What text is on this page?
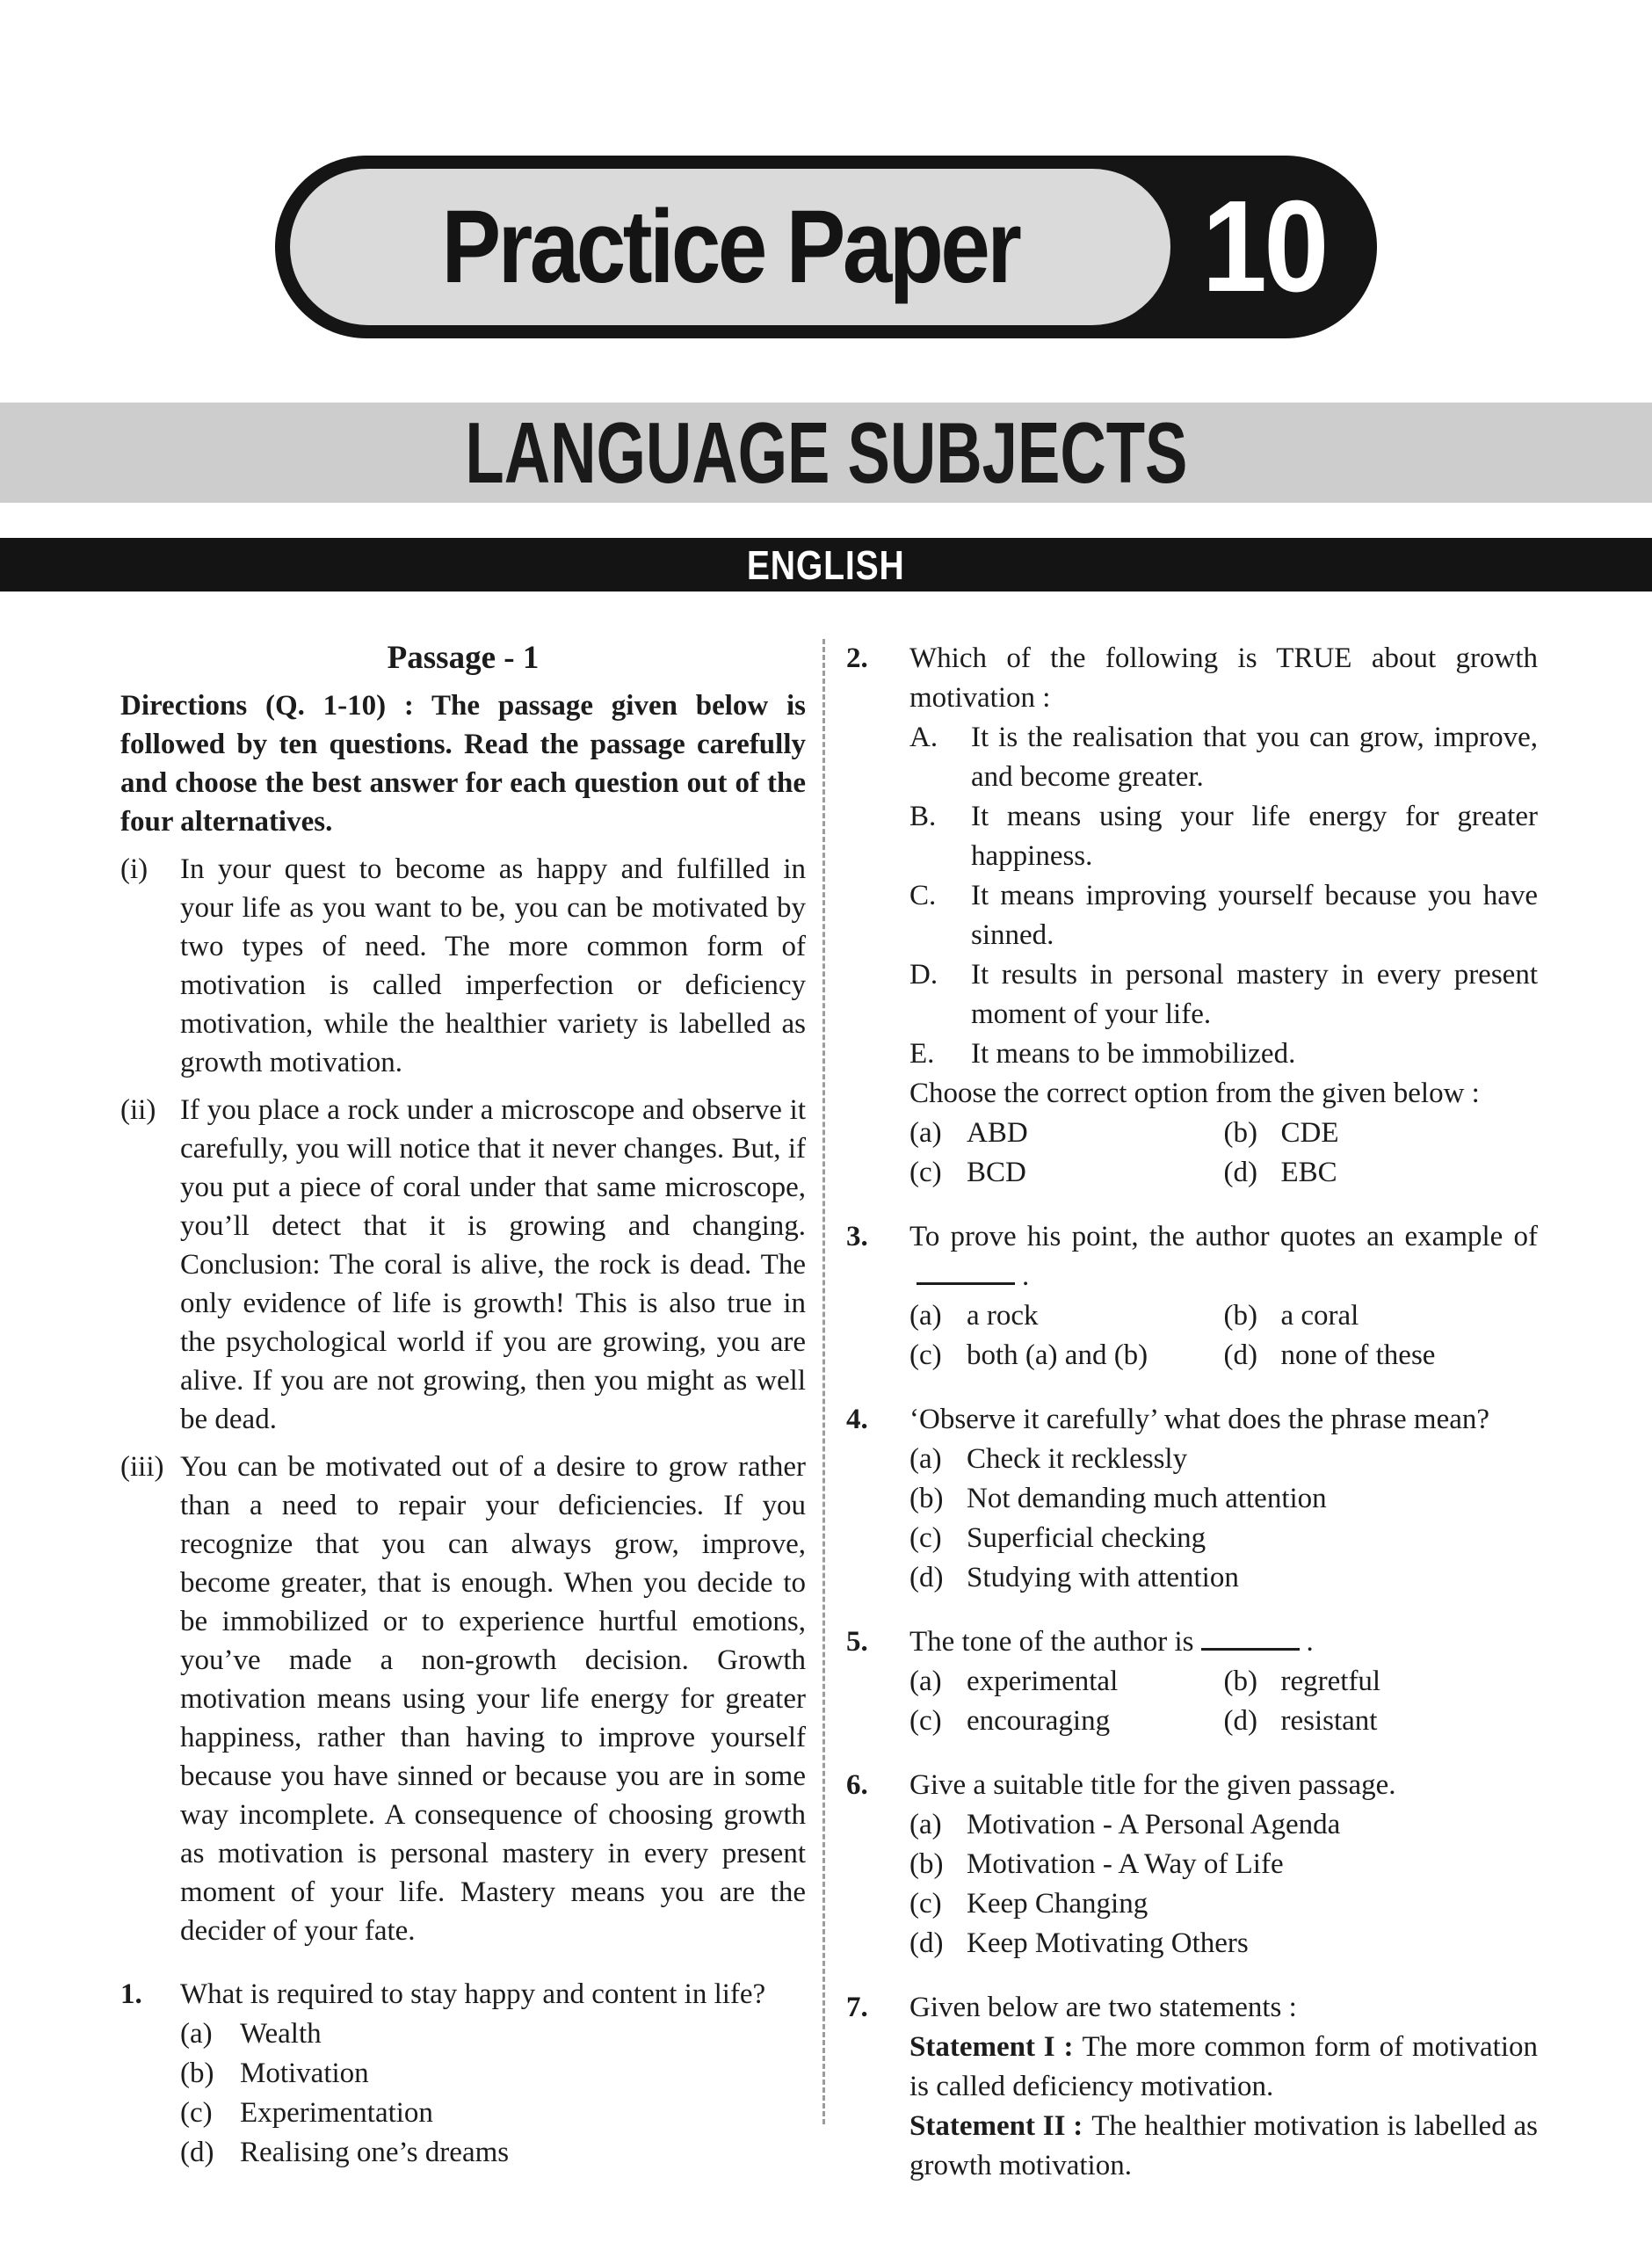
Practice Paper 10
LANGUAGE SUBJECTS
ENGLISH
Passage - 1

Directions (Q. 1-10) : The passage given below is followed by ten questions. Read the passage carefully and choose the best answer for each question out of the four alternatives.

(i)	In your quest to become as happy and fulfilled in your life as you want to be, you can be motivated by two types of need. The more common form of motivation is called imperfection or deficiency motivation, while the healthier variety is labelled as growth motivation.
(ii) If you place a rock under a microscope and observe it carefully, you will notice that it never changes. But, if you put a piece of coral under that same microscope, you’ll detect that it is growing and changing. Conclusion: The coral is alive, the rock is dead. The only evidence of life is growth! This is also true in the psychological world if you are growing, you are alive. If you are not growing, then you might as well be dead.
(iii) You can be motivated out of a desire to grow rather than a need to repair your deficiencies. If you recognize that you can always grow, improve, become greater, that is enough. When you decide to be immobilized or to experience hurtful emotions, you’ve made a non-growth decision. Growth motivation means using your life energy for greater happiness, rather than having to improve yourself because you have sinned or because you are in some way incomplete. A consequence of choosing growth as motivation is personal mastery in every present moment of your life. Mastery means you are the decider of your fate.
1.	What is required to stay happy and content in life?

(a) Wealth
(b) Motivation
(c) Experimentation
(d) Realising one’s dreams
2.	Which of the following is TRUE about growth motivation :

A.	It is the realisation that you can grow, improve, and become greater.
B.	It means using your life energy for greater happiness.
C.	It means improving yourself because you have sinned.
D.	It results in personal mastery in every present moment of your life.
E.	It means to be immobilized.

Choose the correct option from the given below :

(a) ABD	(b) CDE
(c) BCD	(d) EBC
3.	To prove his point, the author quotes an example of.

(a) a rock	(b) a coral
(c) both (a) and (b)	(d) none of these
4.	‘Observe it carefully’ what does the phrase mean?

(a) Check it recklessly
(b) Not demanding much attention
(c) Superficial checking
(d) Studying with attention
5.	The tone of the author is	.

(a) experimental	(b) regretful
(c) encouraging	(d) resistant
6.	Give a suitable title for the given passage.

(a) Motivation - A Personal Agenda
(b) Motivation - A Way of Life
(c) Keep Changing
(d) Keep Motivating Others
7.	Given below are two statements :

Statement I : The more common form of motivation is called deficiency motivation.

Statement II : The healthier motivation is labelled as growth motivation.
